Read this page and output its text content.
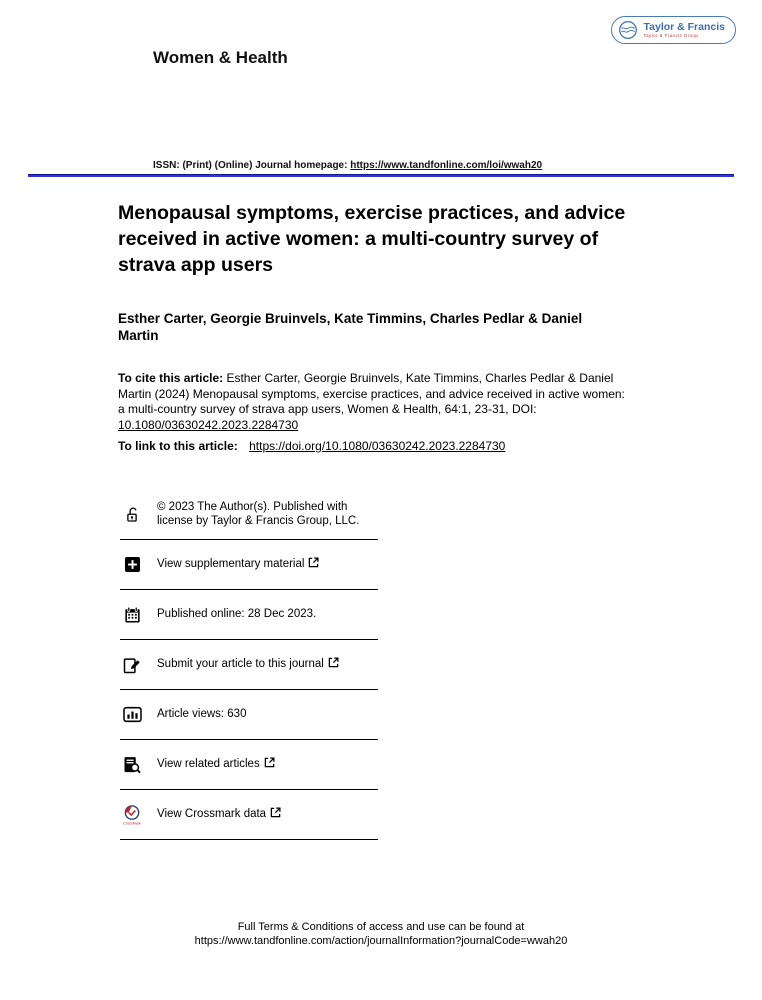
Taylor & Francis
Taylor & Francis Group
Women & Health
ISSN: (Print) (Online) Journal homepage: https://www.tandfonline.com/loi/wwah20
Menopausal symptoms, exercise practices, and advice received in active women: a multi-country survey of strava app users
Esther Carter, Georgie Bruinvels, Kate Timmins, Charles Pedlar & Daniel Martin

To cite this article: Esther Carter, Georgie Bruinvels, Kate Timmins, Charles Pedlar & Daniel Martin (2024) Menopausal symptoms, exercise practices, and advice received in active women: a multi-country survey of strava app users, Women & Health, 64:1, 23-31, DOI: 10.1080/03630242.2023.2284730

To link to this article: https://doi.org/10.1080/03630242.2023.2284730

© 2023 The Author(s). Published with license by Taylor & Francis Group, LLC.
View supplementary material
Published online: 28 Dec 2023.
Submit your article to this journal
Article views: 630
View related articles
CrossMark
View Crossmark data
Full Terms & Conditions of access and use can be found at
https://www.tandfonline.com/action/journalInformation?journalCode=wwah20
